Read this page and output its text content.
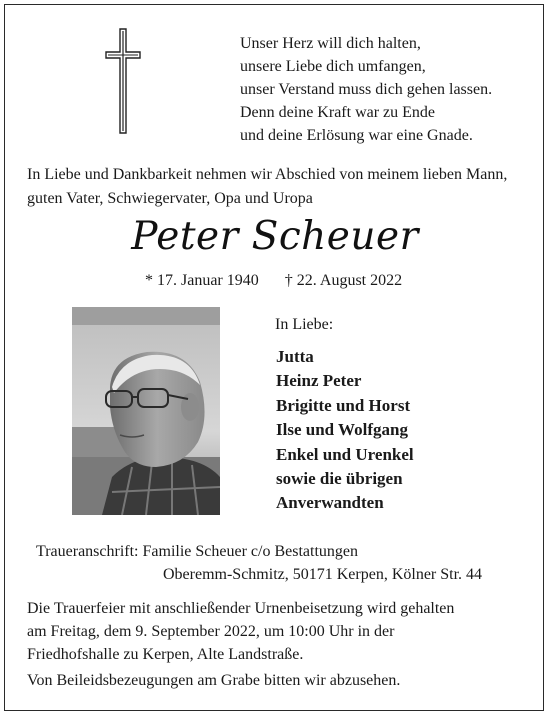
Unser Herz will dich halten,
unsere Liebe dich umfangen,
unser Verstand muss dich gehen lassen.
Denn deine Kraft war zu Ende
und deine Erlösung war eine Gnade.
In Liebe und Dankbarkeit nehmen wir Abschied von meinem lieben Mann,
guten Vater, Schwiegervater, Opa und Uropa
Peter Scheuer
* 17. Januar 1940 † 22. August 2022
In Liebe:
Jutta
Heinz Peter
Brigitte und Horst
Ilse und Wolfgang
Enkel und Urenkel
sowie die übrigen
Anverwandten
Traueranschrift: Familie Scheuer c/o Bestattungen
Oberemm-Schmitz, 50171 Kerpen, Kölner Str. 44
Die Trauerfeier mit anschließender Urnenbeisetzung wird gehalten
am Freitag, dem 9. September 2022, um 10:00 Uhr in der
Friedhofshalle zu Kerpen, Alte Landstraße.
Von Beileidsbezeugungen am Grabe bitten wir abzusehen.
